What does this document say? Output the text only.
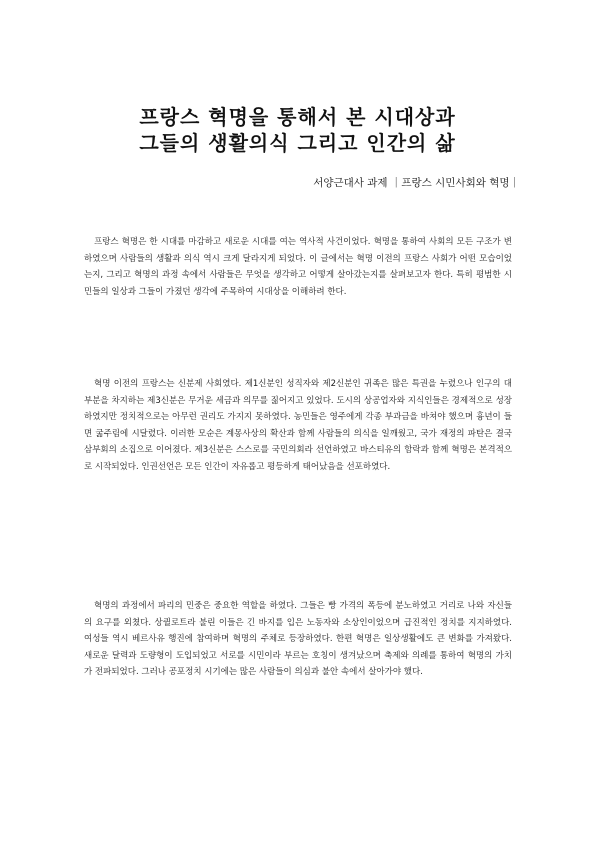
프랑스 혁명을 통해서 본 시대상과
그들의 생활의식 그리고 인간의 삶
서양근대사 과제 ｜프랑스 시민사회와 혁명｜
프랑스 혁명은 한 시대를 마감하고 새로운 시대를 여는 역사적 사건이었다. 혁명을 통하여 사회의 모든 구조가 변하였으며 사람들의 생활과 의식 역시 크게 달라지게 되었다. 이 글에서는 혁명 이전의 프랑스 사회가 어떤 모습이었는지, 그리고 혁명의 과정 속에서 사람들은 무엇을 생각하고 어떻게 살아갔는지를 살펴보고자 한다. 특히 평범한 시민들의 일상과 그들이 가졌던 생각에 주목하여 시대상을 이해하려 한다.
혁명 이전의 프랑스는 신분제 사회였다. 제1신분인 성직자와 제2신분인 귀족은 많은 특권을 누렸으나 인구의 대부분을 차지하는 제3신분은 무거운 세금과 의무를 짊어지고 있었다. 도시의 상공업자와 지식인들은 경제적으로 성장하였지만 정치적으로는 아무런 권리도 가지지 못하였다. 농민들은 영주에게 각종 부과금을 바쳐야 했으며 흉년이 들면 굶주림에 시달렸다. 이러한 모순은 계몽사상의 확산과 함께 사람들의 의식을 일깨웠고, 국가 재정의 파탄은 결국 삼부회의 소집으로 이어졌다. 제3신분은 스스로를 국민의회라 선언하였고 바스티유의 함락과 함께 혁명은 본격적으로 시작되었다. 인권선언은 모든 인간이 자유롭고 평등하게 태어났음을 선포하였다.
혁명의 과정에서 파리의 민중은 중요한 역할을 하였다. 그들은 빵 가격의 폭등에 분노하였고 거리로 나와 자신들의 요구를 외쳤다. 상퀼로트라 불린 이들은 긴 바지를 입은 노동자와 소상인이었으며 급진적인 정치를 지지하였다. 여성들 역시 베르사유 행진에 참여하며 혁명의 주체로 등장하였다. 한편 혁명은 일상생활에도 큰 변화를 가져왔다. 새로운 달력과 도량형이 도입되었고 서로를 시민이라 부르는 호칭이 생겨났으며 축제와 의례를 통하여 혁명의 가치가 전파되었다. 그러나 공포정치 시기에는 많은 사람들이 의심과 불안 속에서 살아가야 했다.
